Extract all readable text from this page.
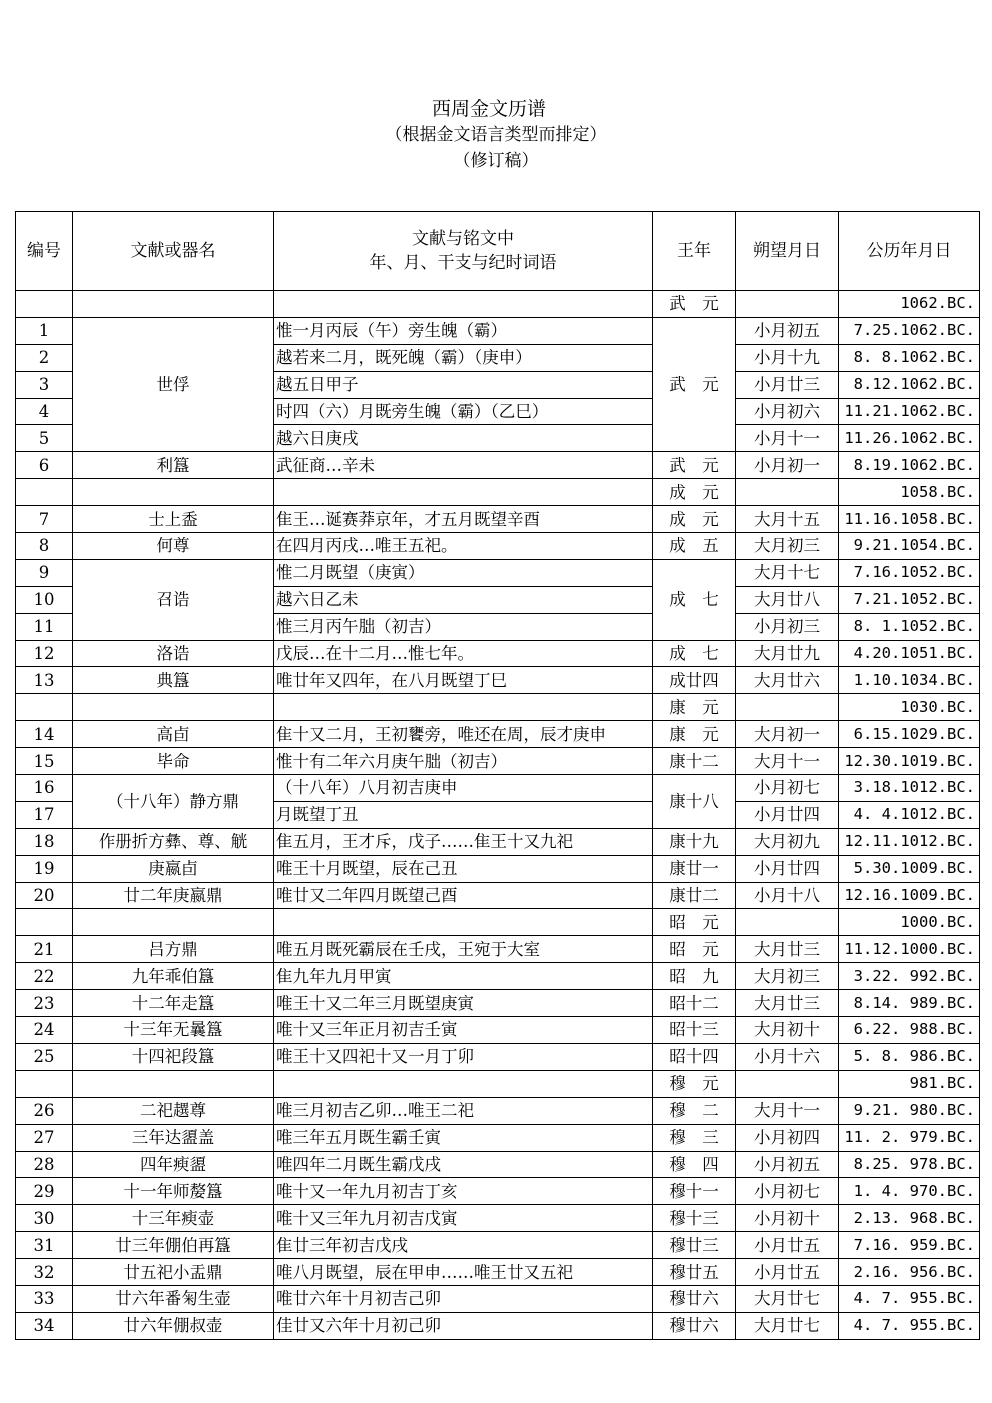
西周金文历谱
（根据金文语言类型而排定）
（修订稿）
编号	文献或器名	文献与铭文中
年、月、干支与纪时词语	王年	朔望月日	公历年月日
			武　元		1062.BC.
1	世俘	惟一月丙辰（午）旁生魄（霸）	武　元	小月初五	7.25.1062.BC.
2		越若来二月，既死魄（霸）（庚申）		小月十九	8. 8.1062.BC.
3		越五日甲子		小月廿三	8.12.1062.BC.
4		时四（六）月既旁生魄（霸）（乙巳）		小月初六	11.21.1062.BC.
5		越六日庚戌		小月十一	11.26.1062.BC.
6	利簋	武征商…辛未	武　元	小月初一	8.19.1062.BC.
			成　元		1058.BC.
7	士上盉	隹王…诞赛莽京年，才五月既望辛酉	成　元	大月十五	11.16.1058.BC.
8	何尊	在四月丙戌…唯王五祀。	成　五	大月初三	9.21.1054.BC.
9	召诰	惟二月既望（庚寅）	成　七	大月十七	7.16.1052.BC.
10		越六日乙未		大月廿八	7.21.1052.BC.
11		惟三月丙午朏（初吉）		小月初三	8. 1.1052.BC.
12	洛诰	戊辰…在十二月…惟七年。	成　七	大月廿九	4.20.1051.BC.
13	典簋	唯廿年又四年，在八月既望丁巳	成廿四	大月廿六	1.10.1034.BC.
			康　元		1030.BC.
14	高卣	隹十又二月，王初饔旁，唯还在周，辰才庚申	康　元	大月初一	6.15.1029.BC.
15	毕命	惟十有二年六月庚午朏（初吉）	康十二	大月十一	12.30.1019.BC.
16	（十八年）静方鼎	（十八年）八月初吉庚申	康十八	小月初七	3.18.1012.BC.
17		月既望丁丑		小月廿四	4. 4.1012.BC.
18	作册折方彝、尊、觥	隹五月，王才斥，戊子……隹王十又九祀	康十九	大月初九	12.11.1012.BC.
19	庚嬴卣	唯王十月既望，辰在己丑	康廿一	小月廿四	5.30.1009.BC.
20	廿二年庚嬴鼎	唯廿又二年四月既望己酉	康廿二	小月十八	12.16.1009.BC.
			昭　元		1000.BC.
21	吕方鼎	唯五月既死霸辰在壬戌，王宛于大室	昭　元	大月廿三	11.12.1000.BC.
22	九年乖伯簋	隹九年九月甲寅	昭　九	大月初三	3.22. 992.BC.
23	十二年走簋	唯王十又二年三月既望庚寅	昭十二	大月廿三	8.14. 989.BC.
24	十三年无曩簋	唯十又三年正月初吉壬寅	昭十三	大月初十	6.22. 988.BC.
25	十四祀段簋	唯王十又四祀十又一月丁卯	昭十四	小月十六	5. 8. 986.BC.
			穆　元		981.BC.
26	二祀趩尊	唯三月初吉乙卯…唯王二祀	穆　二	大月十一	9.21. 980.BC.
27	三年达盨盖	唯三年五月既生霸壬寅	穆　三	小月初四	11. 2. 979.BC.
28	四年瘐盨	唯四年二月既生霸戊戌	穆　四	小月初五	8.25. 978.BC.
29	十一年师嫠簋	唯十又一年九月初吉丁亥	穆十一	小月初七	1. 4. 970.BC.
30	十三年瘐壶	唯十又三年九月初吉戊寅	穆十三	小月初十	2.13. 968.BC.
31	廿三年倗伯再簋	隹廿三年初吉戊戌	穆廿三	小月廿五	7.16. 959.BC.
32	廿五祀小盂鼎	唯八月既望，辰在甲申……唯王廿又五祀	穆廿五	小月廿五	2.16. 956.BC.
33	廿六年番匊生壶	唯廿六年十月初吉己卯	穆廿六	大月廿七	4. 7. 955.BC.
34	廿六年倗叔壶	佳廿又六年十月初己卯	穆廿六	大月廿七	4. 7. 955.BC.
